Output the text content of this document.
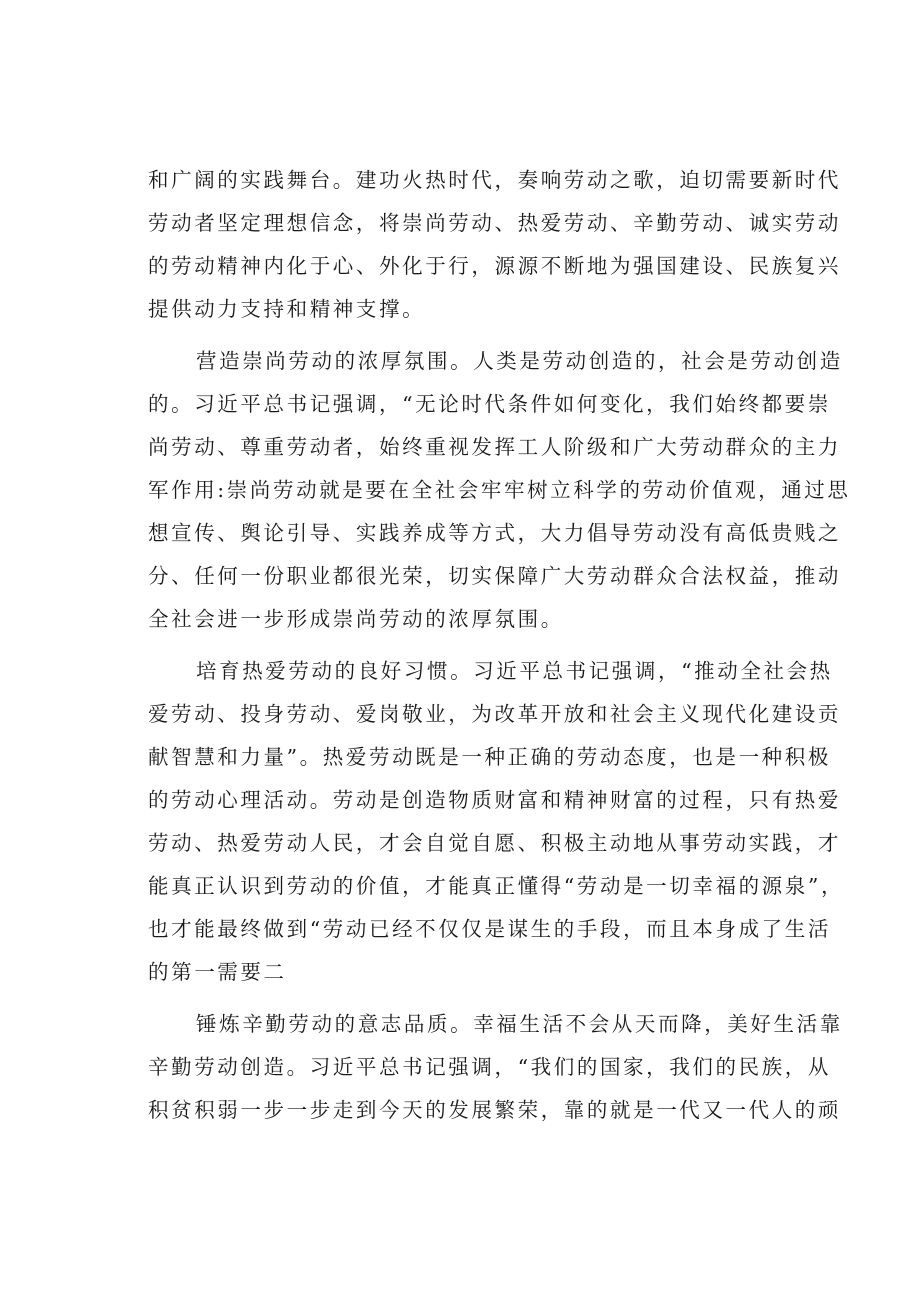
和广阔的实践舞台。建功火热时代，奏响劳动之歌，迫切需要新时代
劳动者坚定理想信念，将崇尚劳动、热爱劳动、辛勤劳动、诚实劳动
的劳动精神内化于心、外化于行，源源不断地为强国建设、民族复兴
提供动力支持和精神支撑。
营造崇尚劳动的浓厚氛围。人类是劳动创造的，社会是劳动创造
的。习近平总书记强调，“无论时代条件如何变化，我们始终都要崇
尚劳动、尊重劳动者，始终重视发挥工人阶级和广大劳动群众的主力
军作用:崇尚劳动就是要在全社会牢牢树立科学的劳动价值观，通过思
想宣传、舆论引导、实践养成等方式，大力倡导劳动没有高低贵贱之
分、任何一份职业都很光荣，切实保障广大劳动群众合法权益，推动
全社会进一步形成崇尚劳动的浓厚氛围。
培育热爱劳动的良好习惯。习近平总书记强调，“推动全社会热
爱劳动、投身劳动、爱岗敬业，为改革开放和社会主义现代化建设贡
献智慧和力量”。热爱劳动既是一种正确的劳动态度，也是一种积极
的劳动心理活动。劳动是创造物质财富和精神财富的过程，只有热爱
劳动、热爱劳动人民，才会自觉自愿、积极主动地从事劳动实践，才
能真正认识到劳动的价值，才能真正懂得“劳动是一切幸福的源泉”，
也才能最终做到“劳动已经不仅仅是谋生的手段，而且本身成了生活
的第一需要二
锤炼辛勤劳动的意志品质。幸福生活不会从天而降，美好生活靠
辛勤劳动创造。习近平总书记强调，“我们的国家，我们的民族，从
积贫积弱一步一步走到今天的发展繁荣，靠的就是一代又一代人的顽
